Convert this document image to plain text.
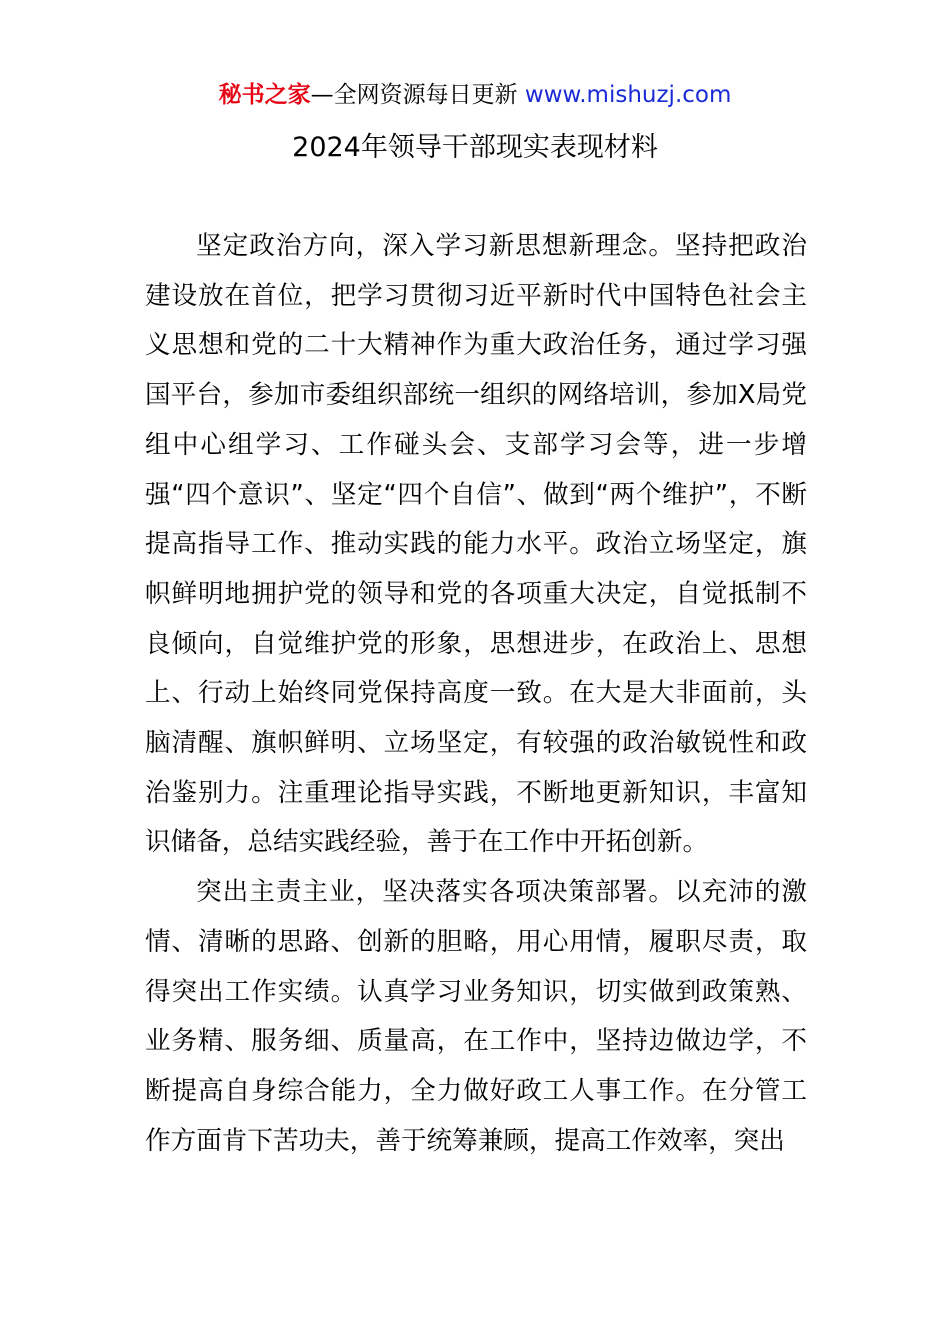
秘书之家—全网资源每日更新 www.mishuzj.com
2024年领导干部现实表现材料

坚定政治方向，深入学习新思想新理念。坚持把政治建设放在首位，把学习贯彻习近平新时代中国特色社会主义思想和党的二十大精神作为重大政治任务，通过学习强国平台，参加市委组织部统一组织的网络培训，参加X局党组中心组学习、工作碰头会、支部学习会等，进一步增强“四个意识”、坚定“四个自信”、做到“两个维护”，不断提高指导工作、推动实践的能力水平。政治立场坚定，旗帜鲜明地拥护党的领导和党的各项重大决定，自觉抵制不良倾向，自觉维护党的形象，思想进步，在政治上、思想上、行动上始终同党保持高度一致。在大是大非面前，头脑清醒、旗帜鲜明、立场坚定，有较强的政治敏锐性和政治鉴别力。注重理论指导实践，不断地更新知识，丰富知识储备，总结实践经验，善于在工作中开拓创新。

突出主责主业，坚决落实各项决策部署。以充沛的激情、清晰的思路、创新的胆略，用心用情，履职尽责，取得突出工作实绩。认真学习业务知识，切实做到政策熟、业务精、服务细、质量高，在工作中，坚持边做边学，不断提高自身综合能力，全力做好政工人事工作。在分管工作方面肯下苦功夫，善于统筹兼顾，提高工作效率，突出
